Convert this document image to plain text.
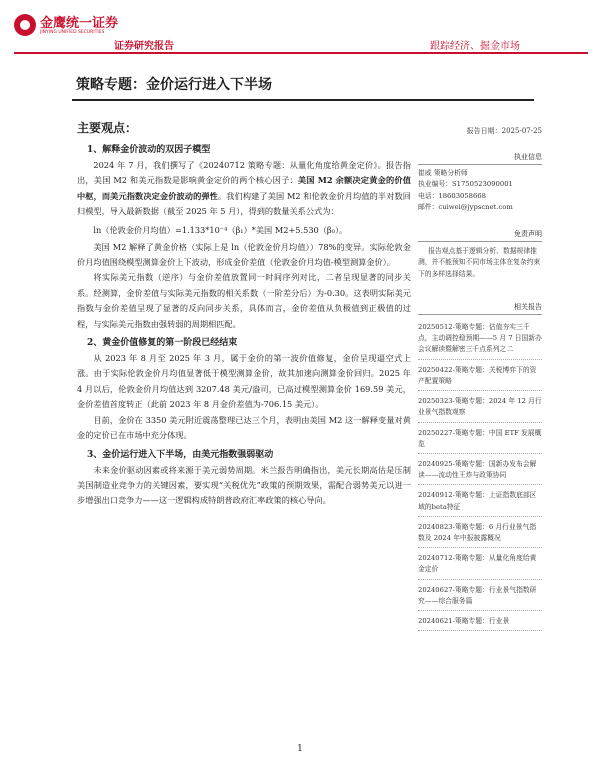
金鹰统一证券
JINYING UNIFIED SECURITIES
证券研究报告	跟踪经济、掘金市场
策略专题：金价运行进入下半场
主要观点：
1、解释金价波动的双因子模型

2024 年 7 月，我们撰写了《20240712 策略专题：从量化角度给黄金定价》。报告指出，美国 M2 和美元指数是影响黄金定价的两个核心因子：美国 M2 余额决定黄金的价值中枢，而美元指数决定金价波动的弹性。我们构建了美国 M2 和伦敦金价月均值的半对数回归模型，导入最新数据（截至 2025 年 5 月），得到的数量关系公式为：

ln（伦敦金价月均值）=1.133*10⁻⁴（β₁）*美国 M2+5.530（β₀）。

美国 M2 解释了黄金价格（实际上是 ln（伦敦金价月均值））78%的变异。实际伦敦金价月均值围绕模型测算金价上下波动，形成金价差值（伦敦金价月均值-模型测算金价）。

将实际美元指数（逆序）与金价差值放置同一时间序列对比，二者呈现显著的同步关系。经测算，金价差值与实际美元指数的相关系数（一阶差分后）为-0.30。这表明实际美元指数与金价差值呈现了显著的反向同步关系，具体而言，金价差值从负极值到正极值的过程，与实际美元指数由强转弱的周期相匹配。

2、黄金价值修复的第一阶段已经结束

从 2023 年 8 月至 2025 年 3 月，属于金价的第一波价值修复，金价呈现逼空式上涨。由于实际伦敦金价月均值显著低于模型测算金价，故其加速向测算金价回归。2025 年 4 月以后，伦敦金价月均值达到 3207.48 美元/盎司，已高过模型测算金价 169.59 美元，金价差值首度转正（此前 2023 年 8 月金价差值为-706.15 美元）。

目前，金价在 3350 美元附近震荡整理已达三个月，表明由美国 M2 这一解释变量对黄金的定价已在市场中充分体现。

3、金价运行进入下半场，由美元指数强弱驱动

未来金价驱动因素或将来源于美元弱势周期。米兰报告明确指出，美元长期高估是压制美国制造业竞争力的关键因素，要实现“关税优先”政策的预期效果，需配合弱势美元以进一步增强出口竞争力——这一逻辑构成特朗普政府汇率政策的核心导向。

报告日期：2025-07-25
执业信息
崔威 策略分析师
执业编号：S1750523090001
电话：18603058668
邮件：cuiwei@jypscnet.com
免责声明
报告观点基于逻辑分析、数据规律推测，并不能预知不同市场主体在复杂约束下的多样选择结果。
相关报告
20250512-策略专题：估值夯实三千点，主动调控稳预期——5 月 7 日国新办会议解读暨解密三千点系列之二
20250422-策略专题：关税博弈下的资产配置策略
20250323-策略专题：2024 年 12 月行业景气指数观察
20250227-策略专题：中国 ETF 发展概览
20240925-策略专题：国新办发布会解读——流动性王炸与政策协同
20240912-策略专题：上证指数底部区域的beta特征
20240823-策略专题：6 月行业景气指数及 2024 年中报披露概况
20240712-策略专题：从量化角度给黄金定价
20240627-策略专题：行业景气指数研究——综合服务篇
20240621-策略专题：行业景
1
